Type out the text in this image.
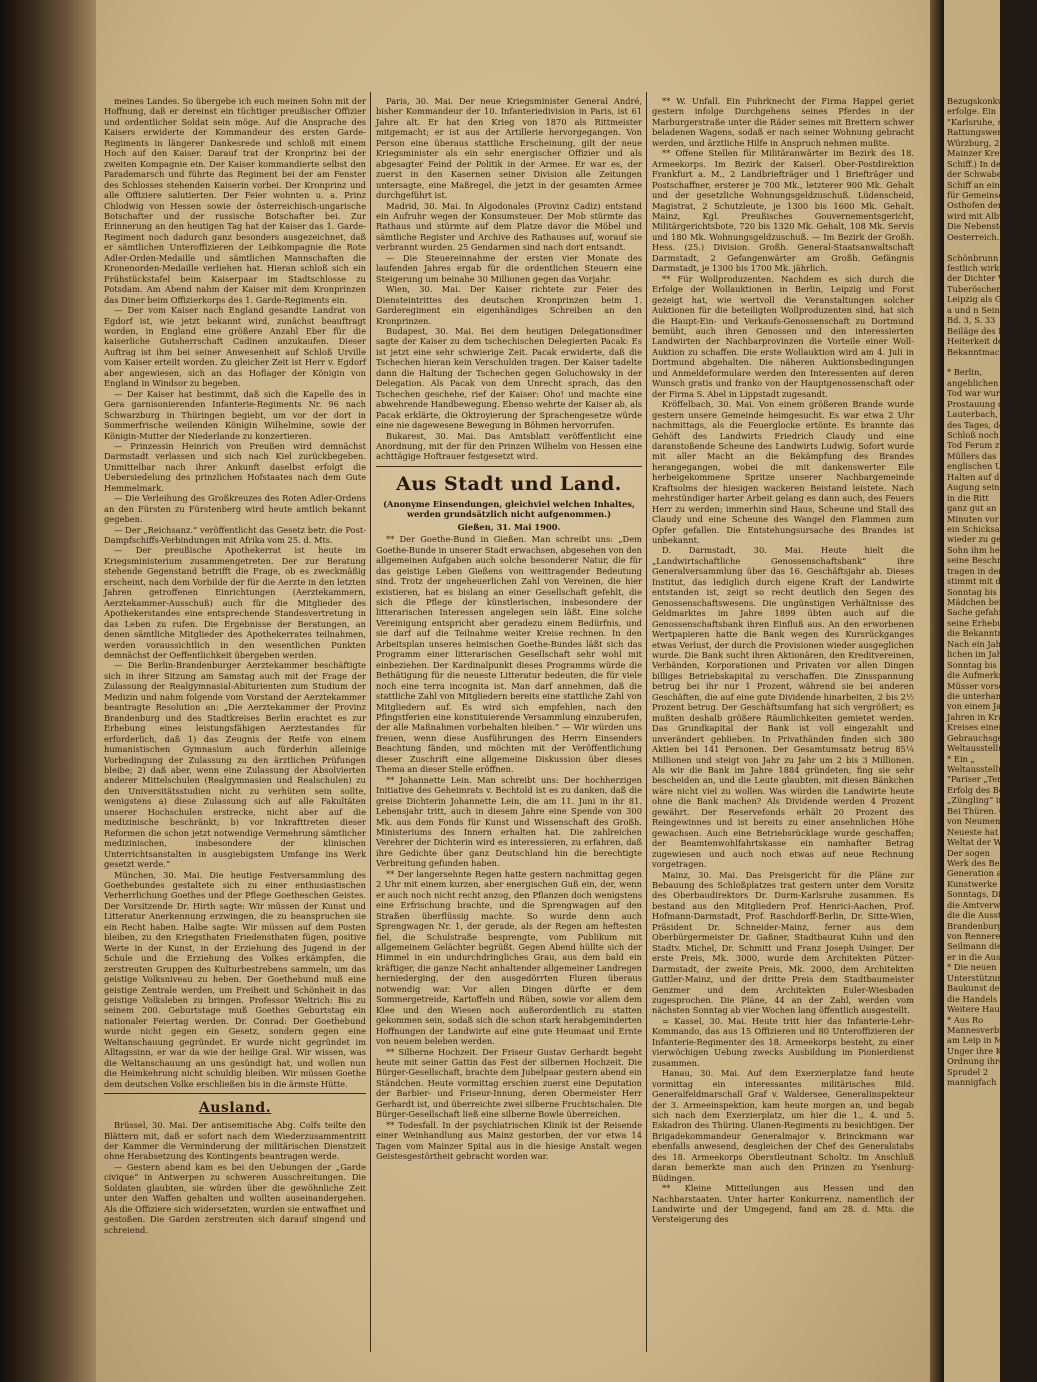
meines Landes. So übergebe ich euch meinen Sohn mit der Hoffnung, daß er dereinst ein tüchtiger preußischer Offizier und ordentlicher Soldat sein möge. Auf die Ansprache des Kaisers erwiderte der Kommandeur des ersten Garde-Regiments in längerer Dankesrede und schloß mit einem Hoch auf den Kaiser. Darauf trat der Kronprinz bei der zweiten Kompagnie ein. Der Kaiser kommandierte selbst den Parademarsch und führte das Regiment bei der am Fenster des Schlosses stehenden Kaiserin vorbei. Der Kronprinz und alle Offiziere salutierten. Der Feier wohnten u. a. Prinz Chlodwig von Hessen sowie der österreichisch-ungarische Botschafter und der russische Botschafter bei. Zur Erinnerung an den heutigen Tag hat der Kaiser das 1. Garde-Regiment noch dadurch ganz besonders ausgezeichnet, daß er sämtlichen Unteroffizieren der Leibkompagnie die Rote Adler-Orden-Medaille und sämtlichen Mannschaften die Kronenorden-Medaille verliehen hat. Hieran schloß sich ein Frühstückstafel beim Kaiserpaar im Stadtschlosse zu Potsdam. Am Abend nahm der Kaiser mit dem Kronprinzen das Diner beim Offizierkorps des 1. Garde-Regiments ein.

— Der vom Kaiser nach England gesandte Landrat von Egdorf ist, wie jetzt bekannt wird, zunächst beauftragt worden, in England eine größere Anzahl Eber für die kaiserliche Gutsherrschaft Cadinen anzukaufen. Dieser Auftrag ist ihm bei seiner Anwesenheit auf Schloß Urville vom Kaiser erteilt worden. Zu gleicher Zeit ist Herr v. Egdorf aber angewiesen, sich an das Hoflager der Königin von England in Windsor zu begeben.

— Der Kaiser hat bestimmt, daß sich die Kapelle des in Gera garnisonierenden Infanterie-Regiments Nr. 96 nach Schwarzburg in Thüringen begiebt, um vor der dort in Sommerfrische weilenden Königin Wilhelmine, sowie der Königin-Mutter der Niederlande zu konzertieren.

— Prinzessin Heinrich von Preußen wird demnächst Darmstadt verlassen und sich nach Kiel zurückbegeben. Unmittelbar nach ihrer Ankunft daselbst erfolgt die Uebersiedelung des prinzlichen Hofstaates nach dem Gute Hemmelmark.

— Die Verleihung des Großkreuzes des Roten Adler-Ordens an den Fürsten zu Fürstenberg wird heute amtlich bekannt gegeben.

— Der „Reichsanz.“ veröffentlicht das Gesetz betr. die Post-Dampfschiffs-Verbindungen mit Afrika vom 25. d. Mts.

— Der preußische Apothekerrat ist heute im Kriegsministerium zusammengetreten. Der zur Beratung stehende Gegenstand betrifft die Frage, ob es zweckmäßig erscheint, nach dem Vorbilde der für die Aerzte in den letzten Jahren getroffenen Einrichtungen (Aerztekammern, Aerztekammer-Ausschuß) auch für die Mitglieder des Apothekerstandes eine entsprechende Standesvertretung in das Leben zu rufen. Die Ergebnisse der Beratungen, an denen sämtliche Mitglieder des Apothekerrates teilnahmen, werden voraussichtlich in den wesentlichen Punkten demnächst der Oeffentlichkeit übergeben werden.

— Die Berlin-Brandenburger Aerztekammer beschäftigte sich in ihrer Sitzung am Samstag auch mit der Frage der Zulassung der Realgymnasial-Abiturienten zum Studium der Medizin und nahm folgende vom Vorstand der Aerztekammer beantragte Resolution an: „Die Aerztekammer der Provinz Brandenburg und des Stadtkreises Berlin erachtet es zur Erhebung eines leistungsfähigen Aerztestandes für erforderlich, daß 1) das Zeugnis der Reife von einem humanistischen Gymnasium auch fürderhin alleinige Vorbedingung der Zulassung zu den ärztlichen Prüfungen bleibe; 2) daß aber, wenn eine Zulassung der Absolvierten anderer Mittelschulen (Realgymnasien und Realschulen) zu den Universitätsstudien nicht zu verhüten sein sollte, wenigstens a) diese Zulassung sich auf alle Fakultäten unserer Hochschulen erstrecke, nicht aber auf die medizinische beschränkt; b) vor Inkrafttreten dieser Reformen die schon jetzt notwendige Vermehrung sämtlicher medizinischen, insbesondere der klinischen Unterrichtsanstalten in ausgiebigstem Umfange ins Werk gesetzt werde.“

München, 30. Mai. Die heutige Festversammlung des Goethebundes gestaltete sich zu einer enthusiastischen Verherrlichung Goethes und der Pflege Goetheschen Geistes. Der Vorsitzende Dr. Hirth sagte: Wir müssen der Kunst und Litteratur Anerkennung erzwingen, die zu beanspruchen sie ein Recht haben. Halbe sagte: Wir müssen auf dem Posten bleiben, zu den Kriegsthaten Friedensthaten fügen, positive Werte in der Kunst, in der Erziehung des Jugend in der Schule und die Erziehung des Volkes erkämpfen, die zerstreuten Gruppen des Kulturbestrebens sammeln, um das geistige Volksniveau zu heben. Der Goethebund muß eine geistige Zentrale werden, um Freiheit und Schönheit in das geistige Volksleben zu bringen. Professor Weltrich: Bis zu seinem 200. Geburtstage muß Goethes Geburtstag ein nationaler Feiertag werden. Dr. Conrad: Der Goethebund wurde nicht gegen ein Gesetz, sondern gegen eine Weltanschauung gegründet. Er wurde nicht gegründet im Alltagssinn, er war da wie der heilige Gral. Wir wissen, was die Weltanschauung an uns gesündigt hat, und wollen nun die Heimkehrung nicht schuldig bleiben. Wir müssen Goethe dem deutschen Volke erschließen bis in die ärmste Hütte.

Ausland.

Brüssel, 30. Mai. Der antisemitische Abg. Colfs teilte den Blättern mit, daß er sofort nach dem Wiederzusammentritt der Kammer die Verminderung der militärischen Dienstzeit ohne Herabsetzung des Kontingents beantragen werde.

— Gestern abend kam es bei den Uebungen der „Garde civique“ in Antwerpen zu schweren Ausschreitungen. Die Soldaten glaubten, sie würden über die gewöhnliche Zeit unter den Waffen gehalten und wollten auseinandergehen. Als die Offiziere sich widersetzten, wurden sie entwaffnet und gestoßen. Die Garden zerstreuten sich darauf singend und schreiend.

Paris, 30. Mai. Der neue Kriegsminister General André, bisher Kommandeur der 10. Infanteriedivision in Paris, ist 61 Jahre alt. Er hat den Krieg von 1870 als Rittmeister mitgemacht; er ist aus der Artillerie hervorgegangen. Von Person eine überaus stattliche Erscheinung, gilt der neue Kriegsminister als ein sehr energischer Offizier und als abgesagter Feind der Politik in der Armee. Er war es, der zuerst in den Kasernen seiner Division alle Zeitungen untersagte, eine Maßregel, die jetzt in der gesamten Armee durchgeführt ist.

Madrid, 30. Mai. In Algodonales (Provinz Cadiz) entstand ein Aufruhr wegen der Konsumsteuer. Der Mob stürmte das Rathaus und stürmte auf dem Platze davor die Möbel und sämtliche Register und Archive des Rathauses auf, worauf sie verbrannt wurden. 25 Gendarmen sind nach dort entsandt.

— Die Steuereinnahme der ersten vier Monate des laufenden Jahres ergab für die ordentlichen Steuern eine Steigerung um beinahe 30 Millionen gegen das Vorjahr.

Wien, 30. Mai. Der Kaiser richtete zur Feier des Diensteintrittes des deutschen Kronprinzen beim 1. Garderegiment ein eigenhändiges Schreiben an den Kronprinzen.

Budapest, 30. Mai. Bei dem heutigen Delegationsdiner sagte der Kaiser zu dem tschechischen Delegierten Pacak: Es ist jetzt eine sehr schwierige Zeit. Pacak erwiderte, daß die Tschechen hieran kein Verschulden tragen. Der Kaiser tadelte dann die Haltung der Tschechen gegen Goluchowsky in der Delegation. Als Pacak von dem Unrecht sprach, das den Tschechen geschehe, rief der Kaiser: Oho! und machte eine abwehrende Handbewegung. Ebenso wehrte der Kaiser ab, als Pacak erklärte, die Oktroyierung der Sprachengesetze würde eine nie dagewesene Bewegung in Böhmen hervorrufen.

Bukarest, 30. Mai. Das Amtsblatt veröffentlicht eine Anordnung, mit der für den Prinzen Wilhelm von Hessen eine achttägige Hoftrauer festgesetzt wird.

Aus Stadt und Land.
(Anonyme Einsendungen, gleichviel welchen Inhaltes, werden grundsätzlich nicht aufgenommen.)
Gießen, 31. Mai 1900.

** Der Goethe-Bund in Gießen. Man schreibt uns: „Dem Goethe-Bunde in unserer Stadt erwachsen, abgesehen von den allgemeinen Aufgaben auch solche besonderer Natur, die für das geistige Leben Gießens von weittragender Bedeutung sind. Trotz der ungeheuerlichen Zahl von Vereinen, die hier existieren, hat es bislang an einer Gesellschaft gefehlt, die sich die Pflege der künstlerischen, insbesondere der litterarischen Interessen angelegen sein läßt. Eine solche Vereinigung entspricht aber geradezu einem Bedürfnis, und sie darf auf die Teilnahme weiter Kreise rechnen. In den Arbeitsplan unseres heimischen Goethe-Bundes läßt sich das Programm einer litterarischen Gesellschaft sehr wohl mit einbeziehen. Der Kardinalpunkt dieses Programms würde die Bethätigung für die neueste Litteratur bedeuten, die für viele noch eine terra incognita ist. Man darf annehmen, daß die stattliche Zahl von Mitgliedern bereits eine stattliche Zahl von Mitgliedern auf. Es wird sich empfehlen, nach den Pfingstferien eine konstituierende Versammlung einzuberufen, der alle Maßnahmen vorbehalten bleiben.“ — Wir würden uns freuen, wenn diese Ausführungen des Herrn Einsenders Beachtung fänden, und möchten mit der Veröffentlichung dieser Zuschrift eine allgemeine Diskussion über dieses Thema an dieser Stelle eröffnen.

** Johannette Lein. Man schreibt uns: Der hochherzigen Initiative des Geheimrats v. Bechtold ist es zu danken, daß die greise Dichterin Johannette Lein, die am 11. Juni in ihr 81. Lebensjahr tritt, auch in diesem Jahre eine Spende von 300 Mk. aus dem Fonds für Kunst und Wissenschaft des Großh. Ministeriums des Innern erhalten hat. Die zahlreichen Verehrer der Dichterin wird es interessieren, zu erfahren, daß ihre Gedichte über ganz Deutschland hin die berechtigte Verbreitung gefunden haben.

** Der langersehnte Regen hatte gestern nachmittag gegen 2 Uhr mit einem kurzen, aber energischen Guß ein, der, wenn er auch noch nicht recht anzog, den Pflanzen doch wenigstens eine Erfrischung brachte, und die Sprengwagen auf den Straßen überflüssig machte. So wurde denn auch Sprengwagen Nr. 1, der gerade, als der Regen am heftesten fiel, die Schulstraße besprengte, vom Publikum mit allgemeinem Gelächter begrüßt. Gegen Abend hüllte sich der Himmel in ein undurchdringliches Grau, aus dem bald ein kräftiger, die ganze Nacht anhaltender allgemeiner Landregen herniederging, der den ausgedörrten Fluren überaus notwendig war. Vor allen Dingen dürfte er dem Sommergetreide, Kartoffeln und Rüben, sowie vor allem dem Klee und den Wiesen noch außerordentlich zu statten gekommen sein, sodaß sich die schon stark herabgeminderten Hoffnungen der Landwirte auf eine gute Heumaat und Ernte von neuem beleben werden.

** Silberne Hochzeit. Der Friseur Gustav Gerhardt begeht heute mit seiner Gattin das Fest der silbernen Hochzeit. Die Bürger-Gesellschaft, brachte dem Jubelpaar gestern abend ein Ständchen. Heute vormittag erschien zuerst eine Deputation der Barbier- und Friseur-Innung, deren Obermeister Herr Gerhardt ist, und überreichte zwei silberne Fruchtschalen. Die Bürger-Gesellschaft ließ eine silberne Bowle überreichen.

** Todesfall. In der psychiatrischen Klinik ist der Reisende einer Weinhandlung aus Mainz gestorben, der vor etwa 14 Tagen vom Mainzer Spital aus in die hiesige Anstalt wegen Geistesgestörtheit gebracht worden war.

** W. Unfall. Ein Fuhrknecht der Firma Happel geriet gestern infolge Durchgehens seines Pferdes in der Marburgerstraße unter die Räder seines mit Brettern schwer beladenen Wagens, sodaß er nach seiner Wohnung gebracht werden, und ärztliche Hilfe in Anspruch nehmen mußte.

** Offene Stellen für Militäranwärter im Bezirk des 18. Armeekorps. Im Bezirk der Kaiserl. Ober-Postdirektion Frankfurt a. M., 2 Landbriefträger und 1 Briefträger und Postschaffner, ersterer je 700 Mk., letzterer 900 Mk. Gehalt und der gesetzliche Wohnungsgeldzuschuß. Lüdenscheid, Magistrat, 2 Schutzleute, je 1300 bis 1600 Mk. Gehalt. Mainz, Kgl. Preußisches Gouvernementsgericht, Militärgerichtsbote, 720 bis 1320 Mk. Gehalt, 108 Mk. Servis und 180 Mk. Wohnungsgeldzuschuß. — Im Bezirk der Großh. Hess. (25.) Division. Großh. General-Staatsanwaltschaft Darmstadt, 2 Gefangenwärter am Großh. Gefängnis Darmstadt, je 1300 bis 1700 Mk. jährlich.

** Für Wollproduzenten. Nachdem es sich durch die Erfolge der Wollauktionen in Berlin, Leipzig und Forst gezeigt hat, wie wertvoll die Veranstaltungen solcher Auktionen für die beteiligten Wollproduzenten sind, hat sich die Haupt-Ein- und Verkaufs-Genossenschaft zu Dortmund bemüht, auch ihren Genossen und den interessierten Landwirten der Nachbarprovinzen die Vorteile einer Woll-Auktion zu schaffen. Die erste Wollauktion wird am 4. Juli in Dortmund abgehalten. Die näheren Auktionsbedingungen und Anmeldeformulare werden den Interessenten auf deren Wunsch gratis und franko von der Hauptgenossenschaft oder der Firma S. Abel in Lippstadt zugesandt.

Kröffelbach, 30. Mai. Von einem größeren Brande wurde gestern unsere Gemeinde heimgesucht. Es war etwa 2 Uhr nachmittags, als die Feuerglocke ertönte. Es brannte das Gehöft des Landwirts Friedrich Claudy und eine daranstoßende Scheune des Landwirts Ludwig. Sofort wurde mit aller Macht an die Bekämpfung des Brandes herangegangen, wobei die mit dankenswerter Eile herbeigekommene Spritze unserer Nachbargemeinde Kraftsolms der hiesigen wackeren Beistand leistete. Nach mehrstündiger harter Arbeit gelang es dann auch, des Feuers Herr zu werden; immerhin sind Haus, Scheune und Stall des Claudy und eine Scheune des Wangel den Flammen zum Opfer gefallen. Die Entstehungsursache des Brandes ist unbekannt.

D. Darmstadt, 30. Mai. Heute hielt die „Landwirtschaftliche Genossenschaftsbank“ ihre Generalversammlung über das 16. Geschäftsjahr ab. Dieses Institut, das lediglich durch eigene Kraft der Landwirte entstanden ist, zeigt so recht deutlich den Segen des Genossenschaftswesens. Die ungünstigen Verhältnisse des Geldmarktes im Jahre 1899 übten auch auf die Genossenschaftsbank ihren Einfluß aus. An den erworbenen Wertpapieren hatte die Bank wegen des Kursrückganges etwas Verlust, der durch die Provisionen wieder ausgeglichen wurde. Die Bank sucht ihren Aktionären, den Kreditvereinen, Verbänden, Korporationen und Privaten vor allen Dingen billiges Betriebskapital zu verschaffen. Die Zinsspannung betrug bei ihr nur 1 Prozent, während sie bei anderen Geschäften, die auf eine gute Dividende hinarbeiten, 2 bis 2½ Prozent betrug. Der Geschäftsumfang hat sich vergrößert; es mußten deshalb größere Räumlichkeiten gemietet werden. Das Grundkapital der Bank ist voll eingezahlt und unverändert geblieben. In Privathänden finden sich 380 Aktien bei 141 Personen. Der Gesamtumsatz betrug 85¼ Millionen und steigt von Jahr zu Jahr um 2 bis 3 Millionen. Als wir die Bank im Jahre 1884 gründeten, fing sie sehr bescheiden an, und die Leute glaubten, mit diesen Bänkchen wäre nicht viel zu wollen. Was würden die Landwirte heute ohne die Bank machen? Als Dividende werden 4 Prozent gewährt. Der Reservefonds erhält 20 Prozent des Reingewinnes und ist bereits zu einer ansehnlichen Höhe gewachsen. Auch eine Betriebsrücklage wurde geschaffen; der Beamtenwohlfahrtskasse ein namhafter Betrag zugewiesen und auch noch etwas auf neue Rechnung vorgetragen.

Mainz, 30. Mai. Das Preisgericht für die Pläne zur Bebauung des Schloßplatzes trat gestern unter dem Vorsitz des Oberbaudirektors Dr. Durm-Karlsruhe zusammen. Es bestand aus den Mitgliedern Prof. Henrici-Aachen, Prof. Hofmann-Darmstadt, Prof. Raschdorff-Berlin, Dr. Sitte-Wien, Präsident Dr. Schneider-Mainz, ferner aus dem Oberbürgermeister Dr. Gaßner, Stadtbaurat Kuhn und den Stadtv. Michel, Dr. Schmitt und Franz Joseph Usinger. Der erste Preis, Mk. 3000, wurde dem Architekten Pützer-Darmstadt, der zweite Preis, Mk. 2000, dem Architekten Guttler-Mainz, und der dritte Preis dem Stadtbaumeister Genzmer und dem Architekten Euler-Wiesbaden zugesprochen. Die Pläne, 44 an der Zahl, werden vom nächsten Sonntag ab vier Wochen lang öffentlich ausgestellt.

= Kassel, 30. Mai. Heute tritt hier das Infanterie-Lehr-Kommando, das aus 15 Offizieren und 80 Unteroffizieren der Infanterie-Regimenter des 18. Armeekorps besteht, zu einer vierwöchigen Uebung zwecks Ausbildung im Pionierdienst zusammen.

Hanau, 30. Mai. Auf dem Exerzierplatze fand heute vormittag ein interessantes militärisches Bild. Generalfeldmarschall Graf v. Waldersee, Generalinspekteur der 3. Armeeinspektion, kam heute morgen an, und begab sich nach dem Exerzierplatz, um hier die 1., 4. und 5. Eskadron des Thüring. Ulanen-Regiments zu besichtigen. Der Brigadekommandeur Generalmajor v. Brinckmann war ebenfalls anwesend, desgleichen der Chef des Generalstabs des 18. Armeekorps Oberstleutnant Scholtz. Im Anschluß daran bemerkte man auch den Prinzen zu Ysenburg-Büdingen.

** Kleine Mitteilungen aus Hessen und den Nachbarstaaten. Unter harter Konkurrenz, namentlich der Landwirte und der Umgegend, fand am 28. d. Mts. die Versteigerung des

Bezugskonkurrenz
erfolge. Ein
"Karlsruhe, sc
Rattungswerke
Würzburg, 28. M
Mainzer Kreml
Schiff.) In der
der Schwabenw
Schiff an einen
für Gemeinschaft
Osthofen der E
wird mit Albwr
Die Nebenstelle
Oesterreich.
Schönbrunn
festlich wirkend
der Dichter Ves
Tuberöschen, M
Leipzig als Geh
a und n Sein
Bd. 3, S. 33
Beiläge des Bi
Heiterkeit des
Bekanntmachu
* Berlin,
angeblichen Kon
Tod war wurde
Prostauung der
Lauterbach, der
des Tages, der
Schloß noch der
Tod Ferum zu
Müllers das
englischen Un
Halten auf der
Augung seine N
in die Ritt
ganz gut an
Minuten vor
ein Schicksal ab
wieder zu gebe
Sohn ihm her
seine Beschreibung
tragen in der
stimmt mit der
Sonntag bis 3.
Mädchen beim
Sache gefahrt
seine Erhebung
die Bekanntma
Nach ein Jahr
lichen im Jahr
Sonntag bis 3
die Aufmerksam
Müsser vorschlag
die unterhandelt
von einem Jahr
Jahren in Kraft
Kreises einen
Gebrauchsgegen
Weltausstellung
* Ein „
Weltausstellung
"Pariser „Tem
Erfolg des Be
„Züngling“ im
Bei Thüren. 6
von Neumen
Neueste hat die
Weltat der We
Der sogen
Werk des Belt
Generation als
Kunstwerke Ausg
Sonntags, Dienst
die Amtverwan
die die Ausstell
Brandenburg
von Rennerei s
Seilmann die
er in die Aus
* Die neuen
Unterstützung
Baukunst des
die Handels
Weitere Haus fü
* Aus Ro
Mannesverbrau
am Leip in Ma
Unger ihre Kos
Ordnung ihren B
Sprudel 2
mannigfach
